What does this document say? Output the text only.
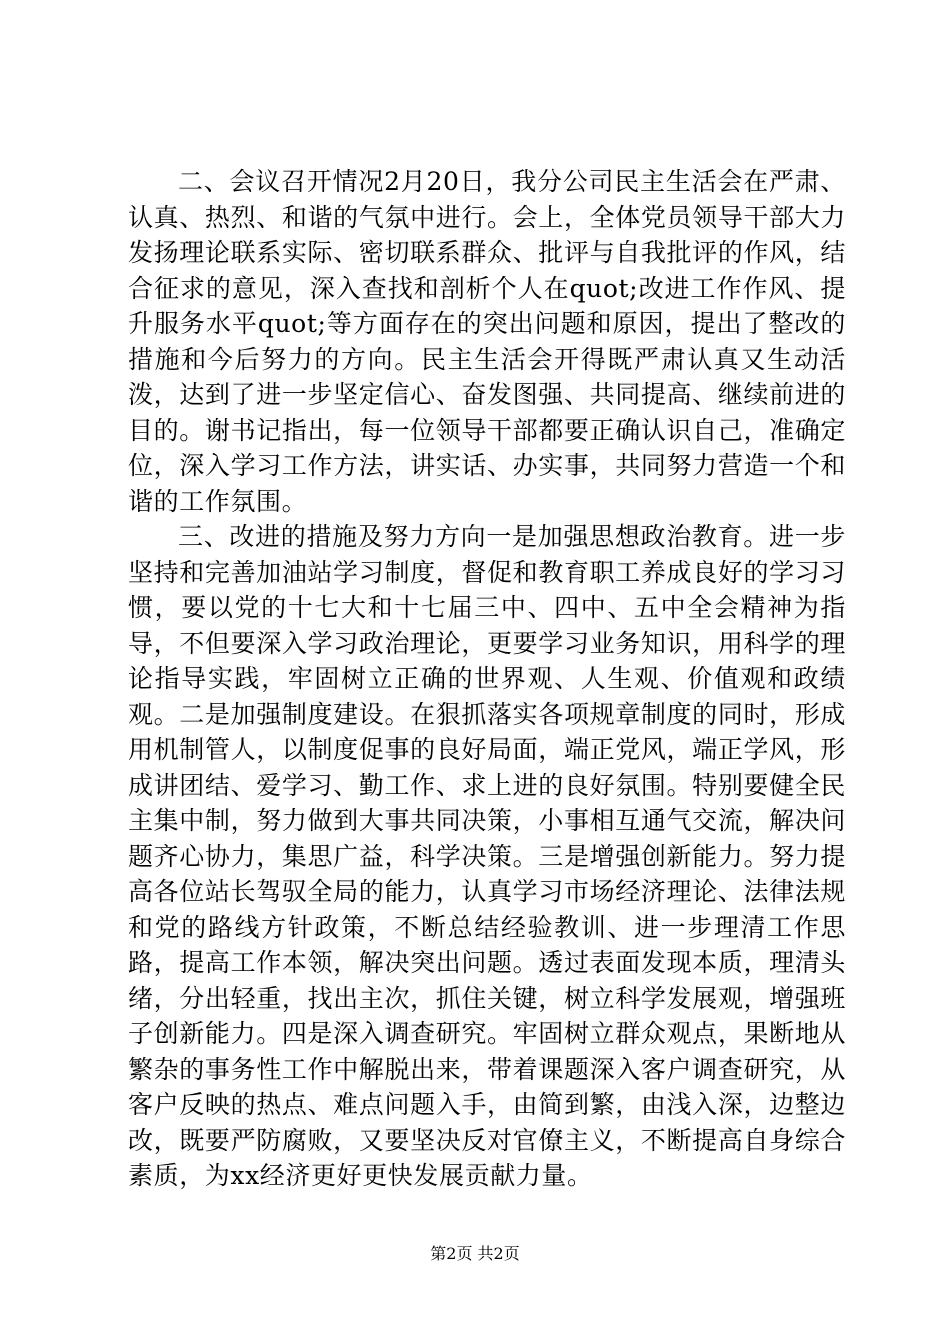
二、会议召开情况2月20日，我分公司民主生活会在严肃、认真、热烈、和谐的气氛中进行。会上，全体党员领导干部大力发扬理论联系实际、密切联系群众、批评与自我批评的作风，结合征求的意见，深入查找和剖析个人在quot;改进工作作风、提升服务水平quot;等方面存在的突出问题和原因，提出了整改的措施和今后努力的方向。民主生活会开得既严肃认真又生动活泼，达到了进一步坚定信心、奋发图强、共同提高、继续前进的目的。谢书记指出，每一位领导干部都要正确认识自己，准确定位，深入学习工作方法，讲实话、办实事，共同努力营造一个和谐的工作氛围。

三、改进的措施及努力方向一是加强思想政治教育。进一步坚持和完善加油站学习制度，督促和教育职工养成良好的学习习惯，要以党的十七大和十七届三中、四中、五中全会精神为指导，不但要深入学习政治理论，更要学习业务知识，用科学的理论指导实践，牢固树立正确的世界观、人生观、价值观和政绩观。二是加强制度建设。在狠抓落实各项规章制度的同时，形成用机制管人，以制度促事的良好局面，端正党风，端正学风，形成讲团结、爱学习、勤工作、求上进的良好氛围。特别要健全民主集中制，努力做到大事共同决策，小事相互通气交流，解决问题齐心协力，集思广益，科学决策。三是增强创新能力。努力提高各位站长驾驭全局的能力，认真学习市场经济理论、法律法规和党的路线方针政策，不断总结经验教训、进一步理清工作思路，提高工作本领，解决突出问题。透过表面发现本质，理清头绪，分出轻重，找出主次，抓住关键，树立科学发展观，增强班子创新能力。四是深入调查研究。牢固树立群众观点，果断地从繁杂的事务性工作中解脱出来，带着课题深入客户调查研究，从客户反映的热点、难点问题入手，由简到繁，由浅入深，边整边改，既要严防腐败，又要坚决反对官僚主义，不断提高自身综合素质，为xx经济更好更快发展贡献力量。

第2页 共2页
